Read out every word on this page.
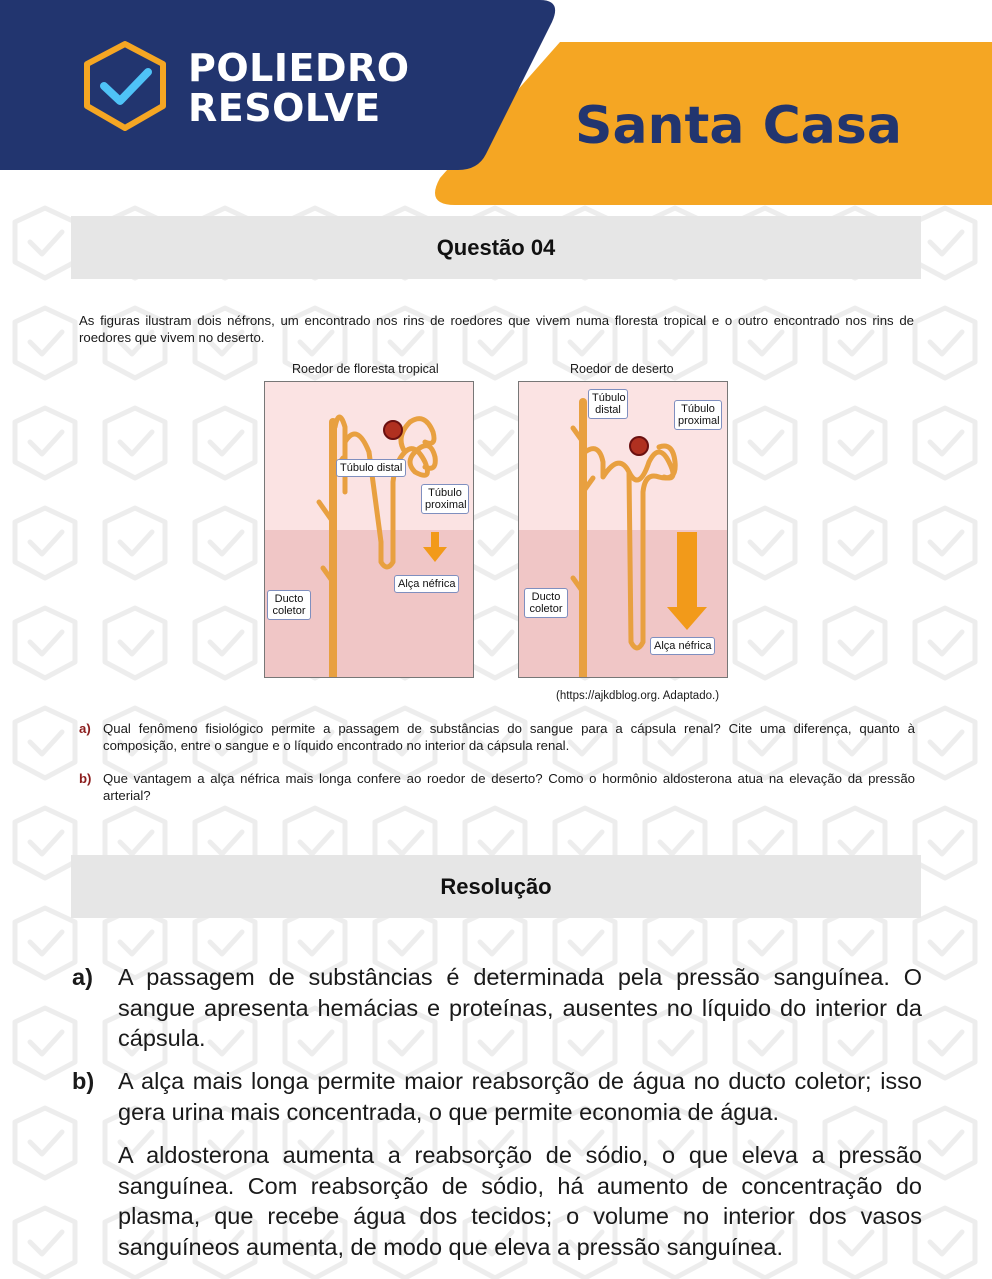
POLIEDRO
RESOLVE	Santa Casa
Questão 04
As figuras ilustram dois néfrons, um encontrado nos rins de roedores que vivem numa floresta tropical e o outro encontrado nos rins de roedores que vivem no deserto.
Roedor de floresta tropical	Roedor de deserto
Túbulo distal
Túbulo proximal
Alça néfrica
Ducto coletor
Túbulo distal	Túbulo proximal
Alça néfrica
Ducto coletor
(https://ajkdblog.org. Adaptado.)
a) Qual fenômeno fisiológico permite a passagem de substâncias do sangue para a cápsula renal? Cite uma diferença, quanto à composição, entre o sangue e o líquido encontrado no interior da cápsula renal.
b) Que vantagem a alça néfrica mais longa confere ao roedor de deserto? Como o hormônio aldosterona atua na elevação da pressão arterial?
Resolução
a)	A passagem de substâncias é determinada pela pressão sanguínea. O sangue apresenta hemácias e proteínas, ausentes no líquido do interior da cápsula.
b)	A alça mais longa permite maior reabsorção de água no ducto coletor; isso gera urina mais concentrada, o que permite economia de água.
A aldosterona aumenta a reabsorção de sódio, o que eleva a pressão sanguínea. Com reabsorção de sódio, há aumento de concentração do plasma, que recebe água dos tecidos; o volume no interior dos vasos sanguíneos aumenta, de modo que eleva a pressão sanguínea.
